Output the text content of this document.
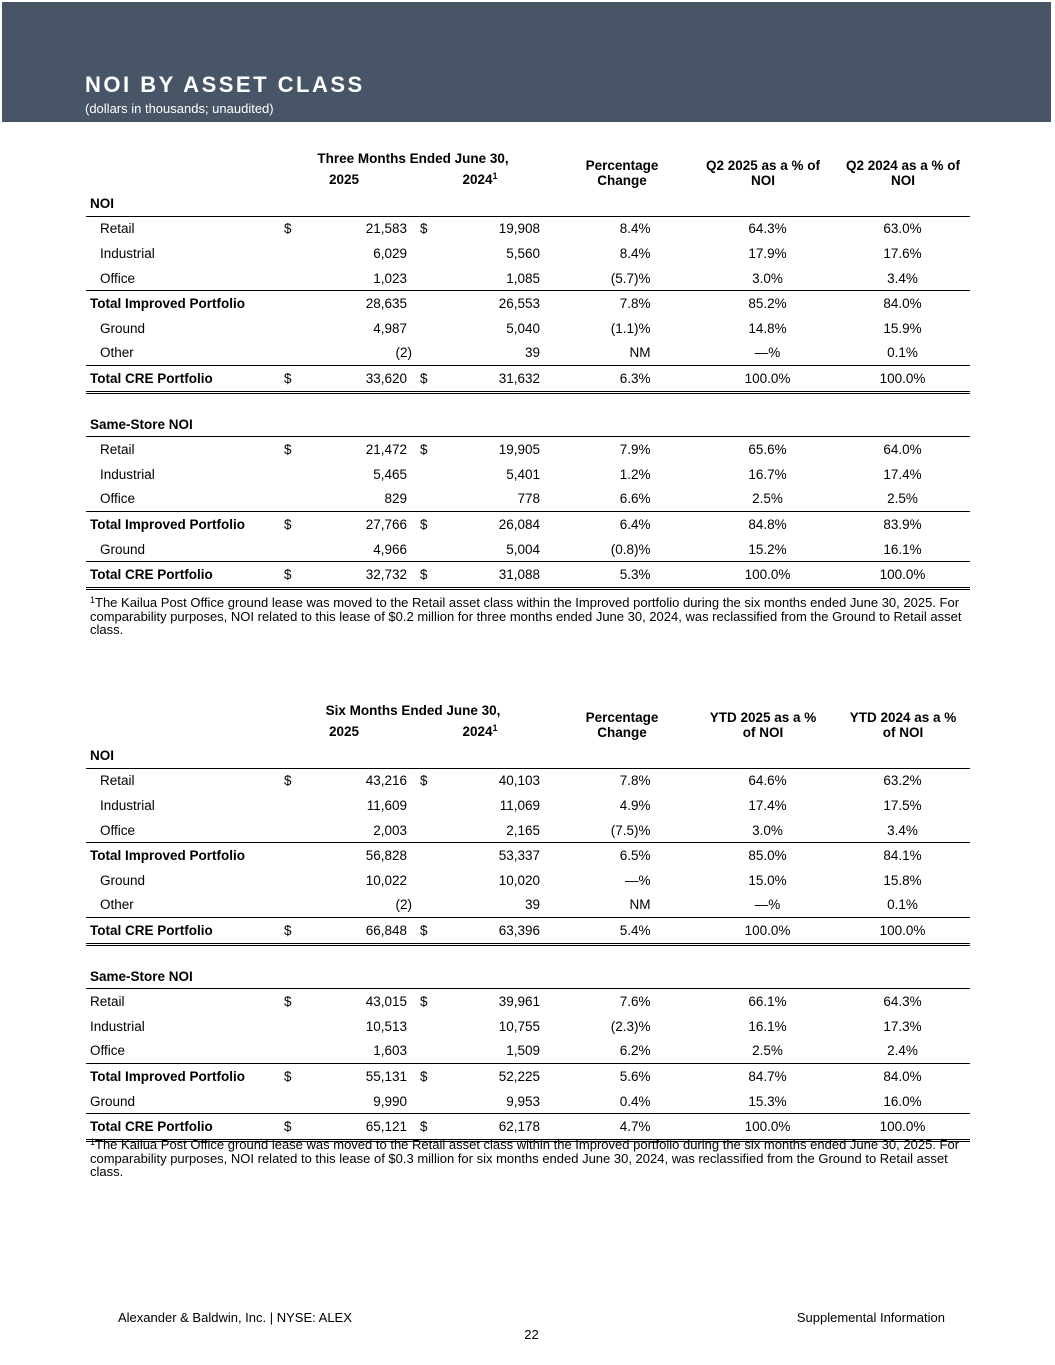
NOI BY ASSET CLASS
(dollars in thousands; unaudited)
Three Months Ended June 30,
2025	2024$^1$
Percentage
Change
Q2 2025 as a % of
NOI
Q2 2024 as a % of
NOI
NOI							
Retail	$	21,583	$	19,908	8.4%	64.3%	63.0%
Industrial		6,029		5,560	8.4%	17.9%	17.6%
Office		1,023		1,085	(5.7)%	3.0%	3.4%
Total Improved Portfolio		28,635		26,553	7.8%	85.2%	84.0%
Ground		4,987		5,040	(1.1)%	14.8%	15.9%
Other		(2)		39	NM	—%	0.1%
Total CRE Portfolio	$	33,620	$	31,632	6.3%	100.0%	100.0%

Same-Store NOI							
Retail	$	21,472	$	19,905	7.9%	65.6%	64.0%
Industrial		5,465		5,401	1.2%	16.7%	17.4%
Office		829		778	6.6%	2.5%	2.5%
Total Improved Portfolio	$	27,766	$	26,084	6.4%	84.8%	83.9%
Ground		4,966		5,004	(0.8)%	15.2%	16.1%
Total CRE Portfolio	$	32,732	$	31,088	5.3%	100.0%	100.0%
$^1$The Kailua Post Office ground lease was moved to the Retail asset class within the Improved portfolio during the six months ended June 30, 2025. For comparability purposes, NOI related to this lease of $0.2 million for three months ended June 30, 2024, was reclassified from the Ground to Retail asset class.
Six Months Ended June 30,
2025	2024$^1$
Percentage
Change
YTD 2025 as a %
of NOI
YTD 2024 as a %
of NOI
NOI							
Retail	$	43,216	$	40,103	7.8%	64.6%	63.2%
Industrial		11,609		11,069	4.9%	17.4%	17.5%
Office		2,003		2,165	(7.5)%	3.0%	3.4%
Total Improved Portfolio		56,828		53,337	6.5%	85.0%	84.1%
Ground		10,022		10,020	—%	15.0%	15.8%
Other		(2)		39	NM	—%	0.1%
Total CRE Portfolio	$	66,848	$	63,396	5.4%	100.0%	100.0%

Same-Store NOI							
Retail	$	43,015	$	39,961	7.6%	66.1%	64.3%
Industrial		10,513		10,755	(2.3)%	16.1%	17.3%
Office		1,603		1,509	6.2%	2.5%	2.4%
Total Improved Portfolio	$	55,131	$	52,225	5.6%	84.7%	84.0%
Ground		9,990		9,953	0.4%	15.3%	16.0%
Total CRE Portfolio	$	65,121	$	62,178	4.7%	100.0%	100.0%
$^1$The Kailua Post Office ground lease was moved to the Retail asset class within the Improved portfolio during the six months ended June 30, 2025. For comparability purposes, NOI related to this lease of $0.3 million for six months ended June 30, 2024, was reclassified from the Ground to Retail asset class.
Alexander & Baldwin, Inc. | NYSE: ALEX	Supplemental Information
22
